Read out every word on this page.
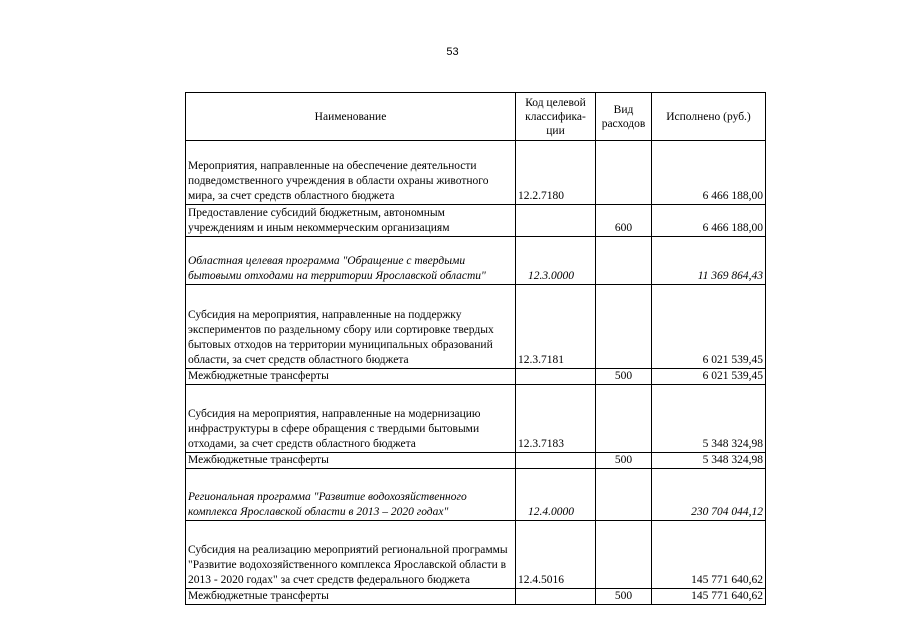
53
Наименование	Код целевой классифика-ции	Вид расходов	Исполнено (руб.)
Мероприятия, направленные на обеспечение деятельности подведомственного учреждения в области охраны животного мира, за счет средств областного бюджета	12.2.7180		6 466 188,00
Предоставление субсидий бюджетным, автономным учреждениям и иным некоммерческим организациям		600	6 466 188,00
Областная целевая программа "Обращение с твердыми бытовыми отходами на территории Ярославской области"	12.3.0000		11 369 864,43
Субсидия на мероприятия, направленные на поддержку экспериментов по раздельному сбору или сортировке твердых бытовых отходов на территории муниципальных образований области, за счет средств областного бюджета	12.3.7181		6 021 539,45
Межбюджетные трансферты		500	6 021 539,45
Субсидия на мероприятия, направленные на модернизацию инфраструктуры в сфере обращения с твердыми бытовыми отходами, за счет средств областного бюджета	12.3.7183		5 348 324,98
Межбюджетные трансферты		500	5 348 324,98
Региональная программа "Развитие водохозяйственного комплекса Ярославской области в 2013 – 2020 годах"	12.4.0000		230 704 044,12
Субсидия на реализацию мероприятий региональной программы "Развитие водохозяйственного комплекса Ярославской области в 2013 - 2020 годах" за счет средств федерального бюджета	12.4.5016		145 771 640,62
Межбюджетные трансферты		500	145 771 640,62
